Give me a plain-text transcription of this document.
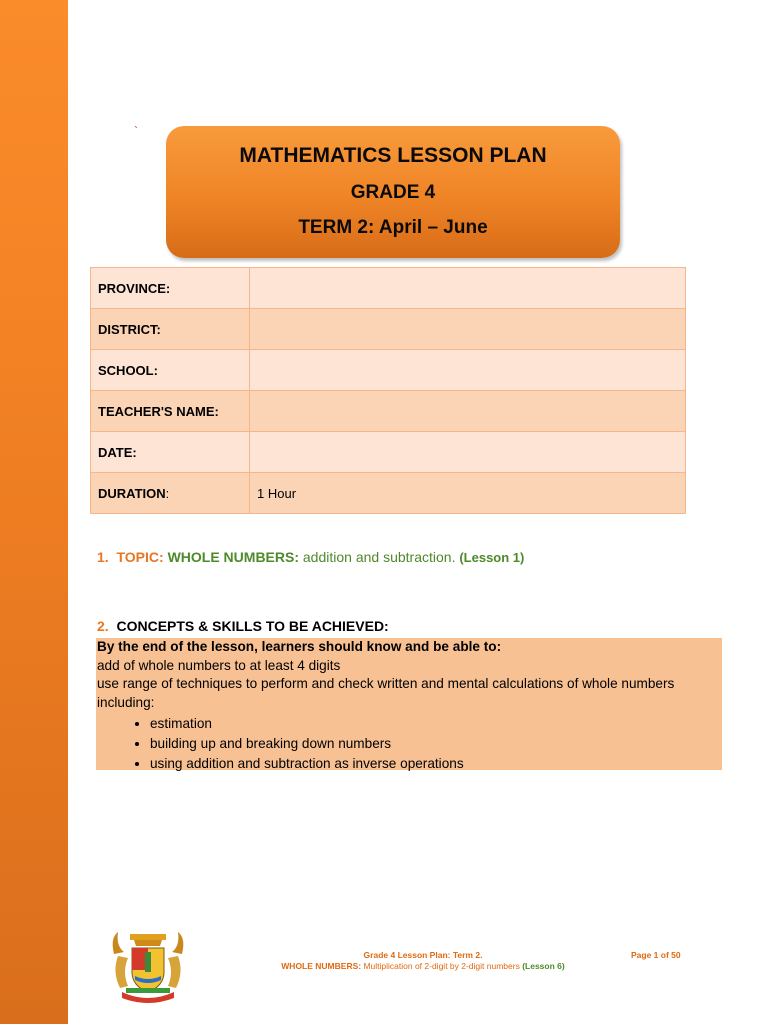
`
MATHEMATICS LESSON PLAN
GRADE 4
TERM 2: April – June
PROVINCE:	
DISTRICT:	
SCHOOL:	
TEACHER'S NAME:	
DATE:	
DURATION:	1 Hour
1. TOPIC: WHOLE NUMBERS: addition and subtraction. (Lesson 1)
2. CONCEPTS & SKILLS TO BE ACHIEVED:
By the end of the lesson, learners should know and be able to:
add of whole numbers to at least 4 digits
use range of techniques to perform and check written and mental calculations of whole numbers
including:
• estimation
• building up and breaking down numbers
• using addition and subtraction as inverse operations
Grade 4 Lesson Plan: Term 2.
WHOLE NUMBERS: Multiplication of 2-digit by 2-digit numbers (Lesson 6)
Page 1 of 50
